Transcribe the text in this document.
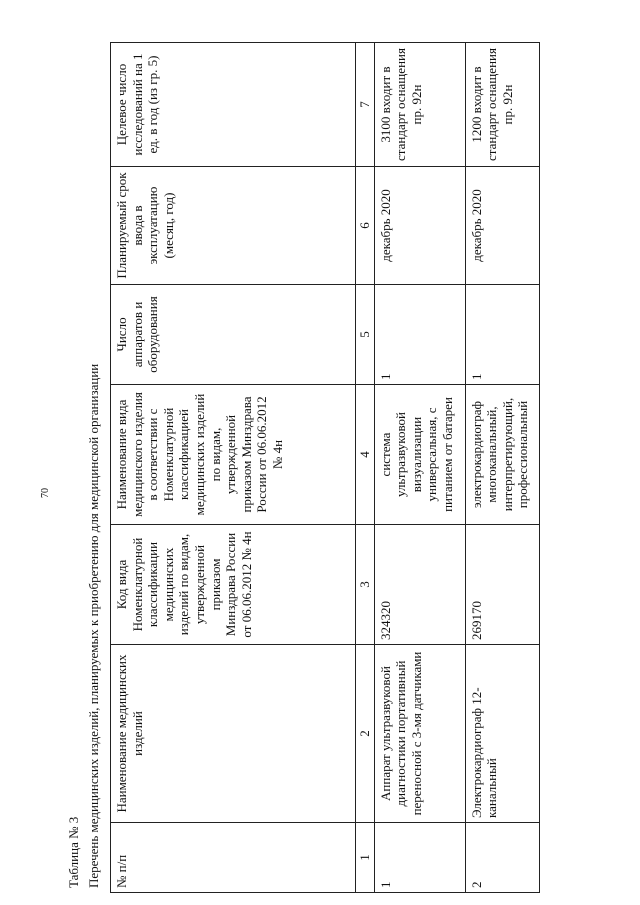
70
Таблица № 3 Перечень медицинских изделий, планируемых к приобретению для медицинской организации № п/п	Наименование медицинских изделий	Код вида Номенклатурной классификации медицинских изделий по видам, утвержденной приказом Минздрава России от 06.06.2012 № 4н	Наименование вида медицинского изделия в соответствии с Номенклатурной классификацией медицинских изделий по видам, утвержденной приказом Минздрава России от 06.06.2012 № 4н	Число аппаратов и оборудования	Планируемый срок ввода в эксплуатацию (месяц, год)	Целевое число исследований на 1 ед. в год (из гр. 5)
1	2	3	4	5	6	7
1	Аппарат ультразвуковой диагностики портативный переносной с 3-мя датчиками	324320	система ультразвуковой визуализации универсальная, с питанием от батареи	1	декабрь 2020	3100 входит в стандарт оснащения пр. 92н
2	Электрокардиограф 12-канальный	269170	электрокардиограф многоканальный, интерпретирующий, профессиональный	1	декабрь 2020	1200 входит в стандарт оснащения пр. 92н
